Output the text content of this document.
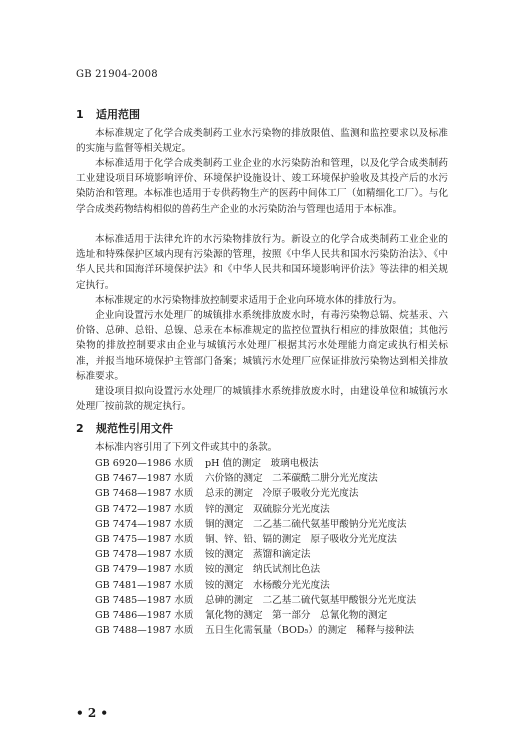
GB 21904-2008
1 适用范围

本标准规定了化学合成类制药工业水污染物的排放限值、监测和监控要求以及标准的实施与监督等相关规定。

本标准适用于化学合成类制药工业企业的水污染防治和管理，以及化学合成类制药工业建设项目环境影响评价、环境保护设施设计、竣工环境保护验收及其投产后的水污染防治和管理。本标准也适用于专供药物生产的医药中间体工厂（如精细化工厂）。与化学合成类药物结构相似的兽药生产企业的水污染防治与管理也适用于本标准。

本标准适用于法律允许的水污染物排放行为。新设立的化学合成类制药工业企业的选址和特殊保护区域内现有污染源的管理，按照《中华人民共和国水污染防治法》、《中华人民共和国海洋环境保护法》和《中华人民共和国环境影响评价法》等法律的相关规定执行。

本标准规定的水污染物排放控制要求适用于企业向环境水体的排放行为。

企业向设置污水处理厂的城镇排水系统排放废水时，有毒污染物总镉、烷基汞、六价铬、总砷、总铅、总镍、总汞在本标准规定的监控位置执行相应的排放限值；其他污染物的排放控制要求由企业与城镇污水处理厂根据其污水处理能力商定或执行相关标准，并报当地环境保护主管部门备案；城镇污水处理厂应保证排放污染物达到相关排放标准要求。

建设项目拟向设置污水处理厂的城镇排水系统排放废水时，由建设单位和城镇污水处理厂按前款的规定执行。

2 规范性引用文件

本标准内容引用了下列文件或其中的条款。

GB 6920—1986 水质 pH 值的测定　玻璃电极法
GB 7467—1987 水质 六价铬的测定　二苯碳酰二肼分光光度法
GB 7468—1987 水质 总汞的测定　冷原子吸收分光光度法
GB 7472—1987 水质 锌的测定　双硫腙分光光度法
GB 7474—1987 水质 铜的测定　二乙基二硫代氨基甲酸钠分光光度法
GB 7475—1987 水质 铜、锌、铅、镉的测定　原子吸收分光光度法
GB 7478—1987 水质 铵的测定　蒸馏和滴定法
GB 7479—1987 水质 铵的测定　纳氏试剂比色法
GB 7481—1987 水质 铵的测定　水杨酸分光光度法
GB 7485—1987 水质 总砷的测定　二乙基二硫代氨基甲酸银分光光度法
GB 7486—1987 水质 氰化物的测定　第一部分　总氰化物的测定
GB 7488—1987 水质 五日生化需氧量（BOD₅）的测定　稀释与接种法
• 2 •
